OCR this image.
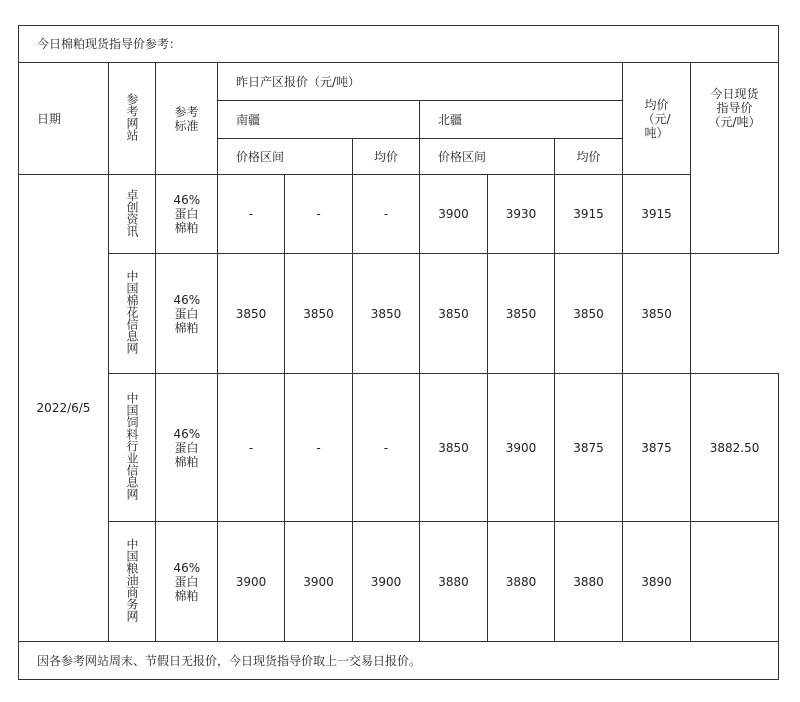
今日棉粕现货指导价参考：										
日期	参考网站	参考标准	昨日产区报价（元/吨）						均价（元/吨）	今日现货指导价（元/吨）
			南疆			北疆				
			价格区间		均价	价格区间		均价		
2022/6/5	卓创资讯	46%蛋白棉粕	-	-	-	3900	3930	3915	3915	
	中国棉花信息网	46%蛋白棉粕	3850	3850	3850	3850	3850	3850	3850	
	中国饲料行业信息网	46%蛋白棉粕	-	-	-	3850	3900	3875	3875	3882.50
	中国粮油商务网	46%蛋白棉粕	3900	3900	3900	3880	3880	3880	3890	
因各参考网站周末、节假日无报价，今日现货指导价取上一交易日报价。										
